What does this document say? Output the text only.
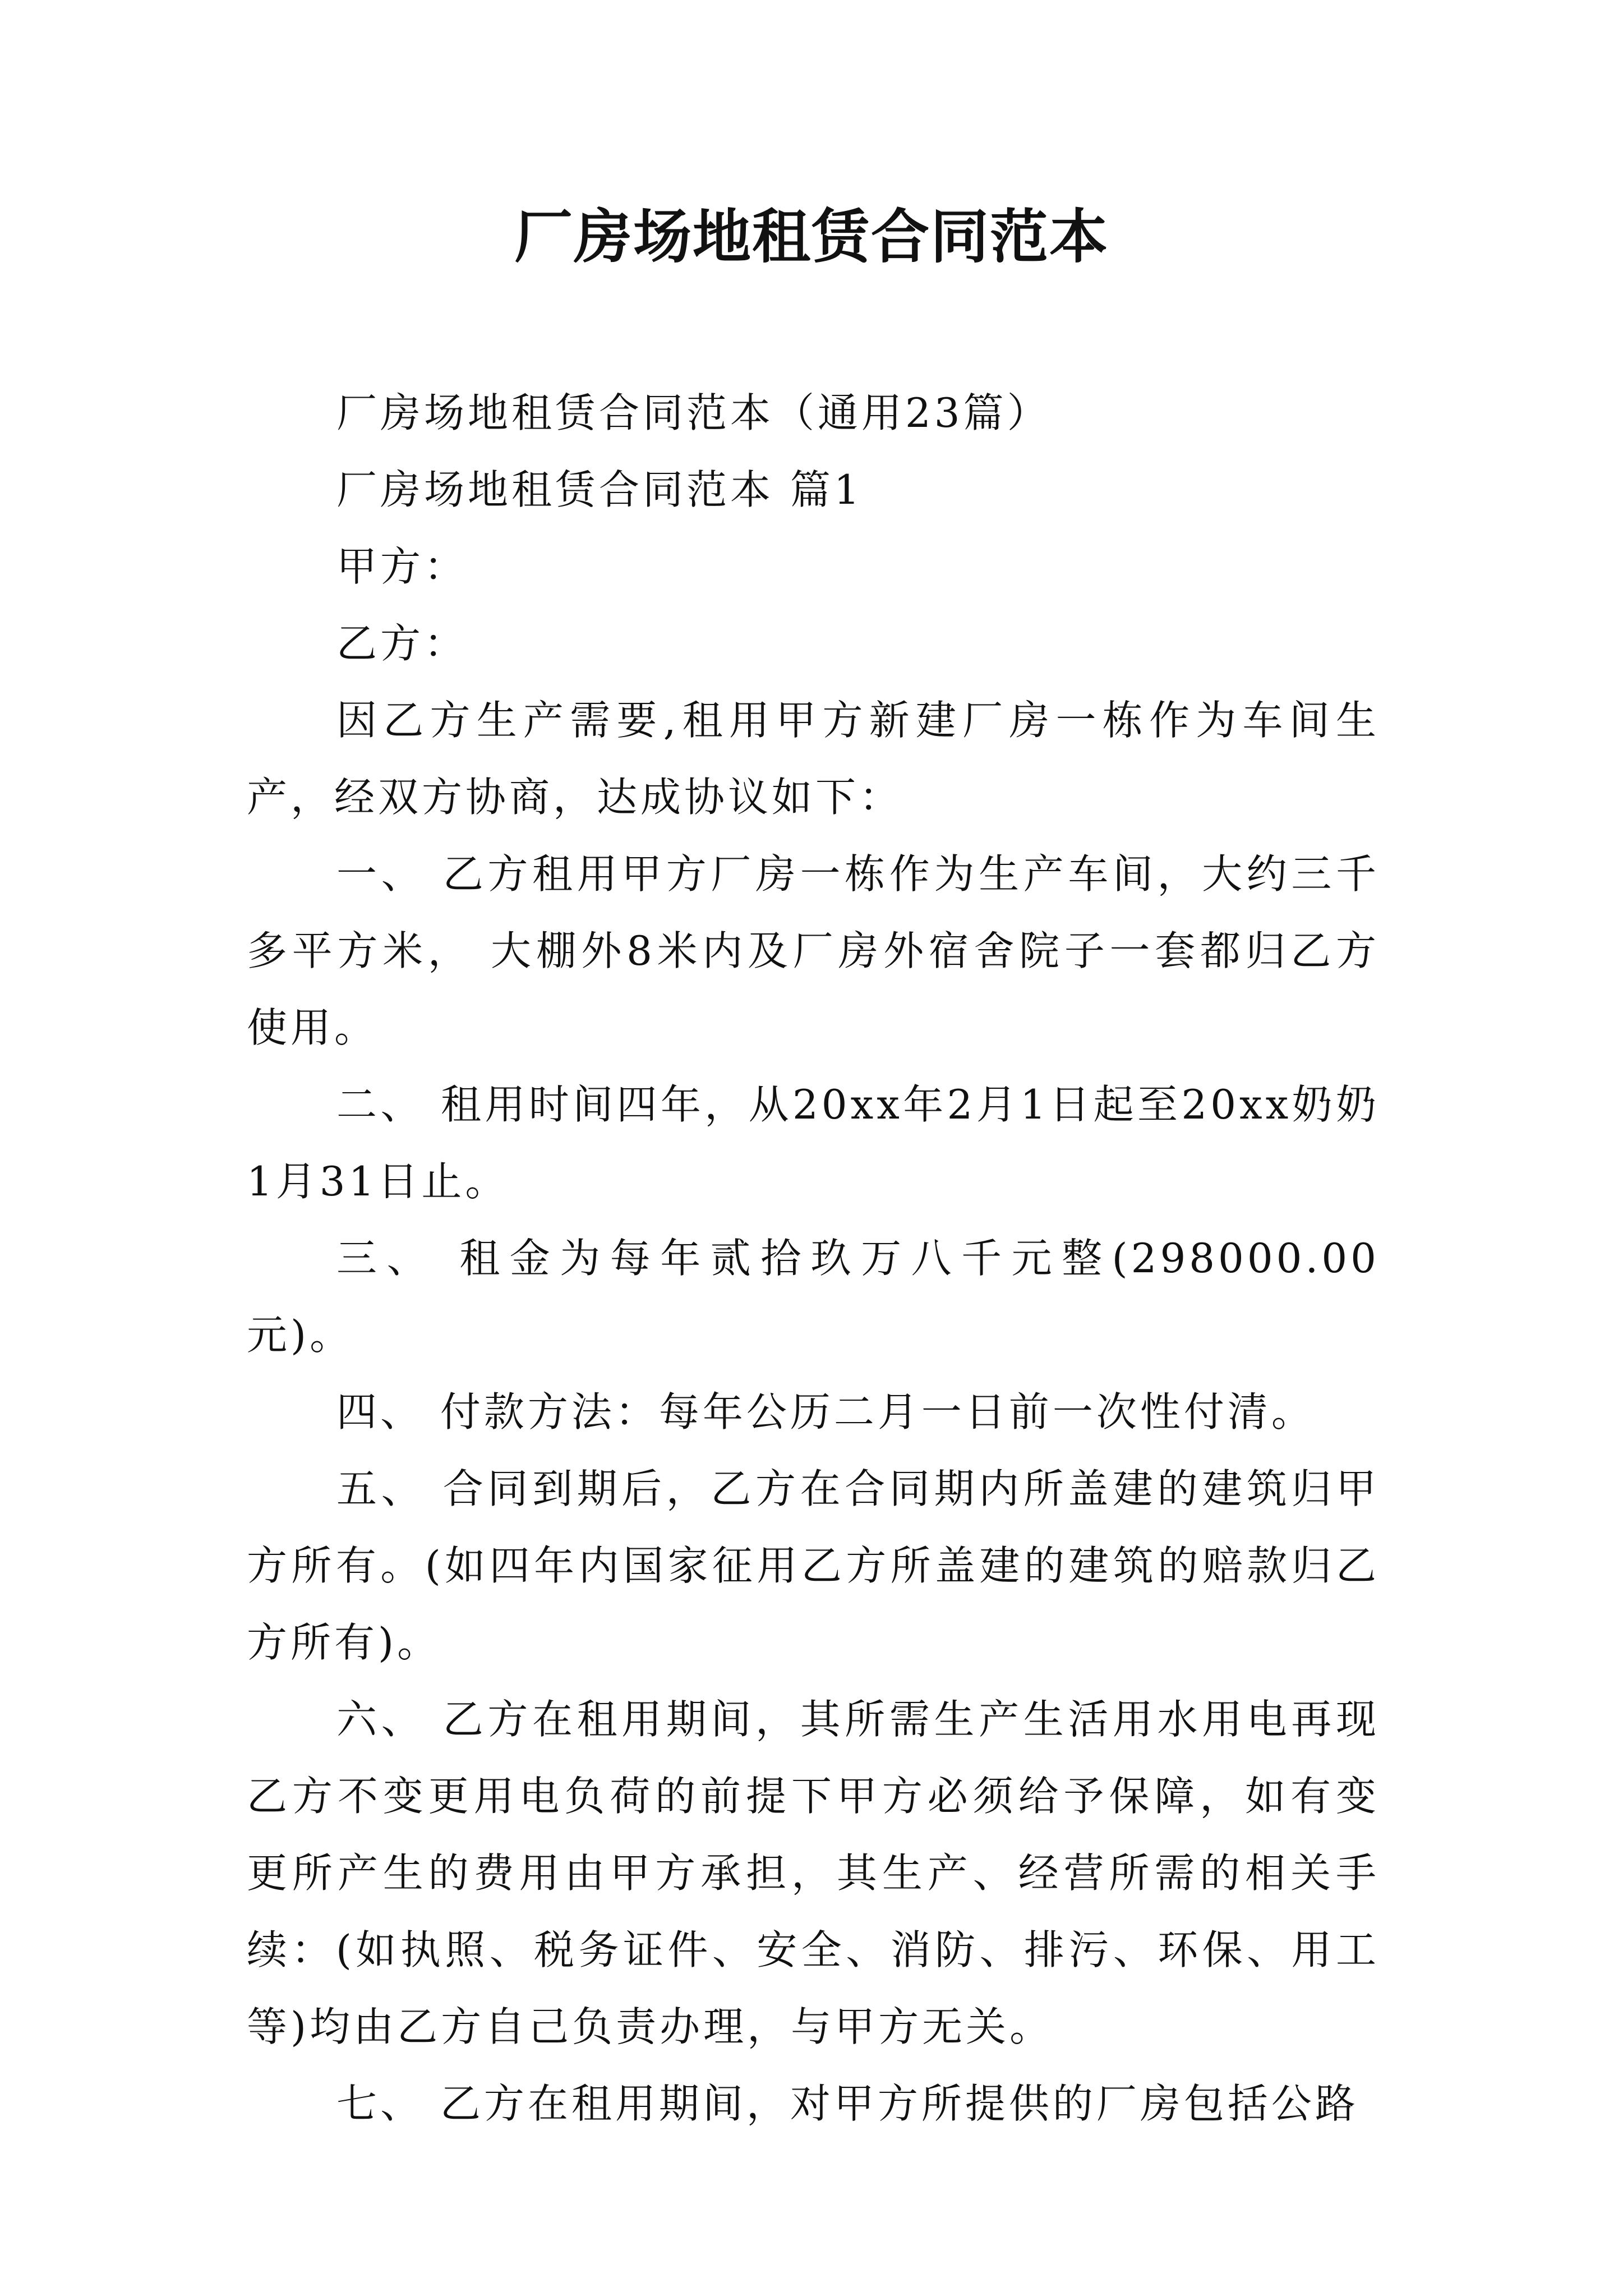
厂房场地租赁合同范本

厂房场地租赁合同范本（通用23篇）

厂房场地租赁合同范本 篇1

甲方：

乙方：

因乙方生产需要,租用甲方新建厂房一栋作为车间生产，经双方协商，达成协议如下：

一、 乙方租用甲方厂房一栋作为生产车间，大约三千多平方米， 大棚外8米内及厂房外宿舍院子一套都归乙方使用。

二、 租用时间四年，从20xx年2月1日起至20xx奶奶1月31日止。

三、 租金为每年贰拾玖万八千元整(298000.00元)。

四、 付款方法：每年公历二月一日前一次性付清。

五、 合同到期后，乙方在合同期内所盖建的建筑归甲方所有。(如四年内国家征用乙方所盖建的建筑的赔款归乙方所有)。

六、 乙方在租用期间，其所需生产生活用水用电再现乙方不变更用电负荷的前提下甲方必须给予保障，如有变更所产生的费用由甲方承担，其生产、经营所需的相关手续：(如执照、税务证件、安全、消防、排污、环保、用工等)均由乙方自己负责办理，与甲方无关。

七、 乙方在租用期间，对甲方所提供的厂房包括公路
